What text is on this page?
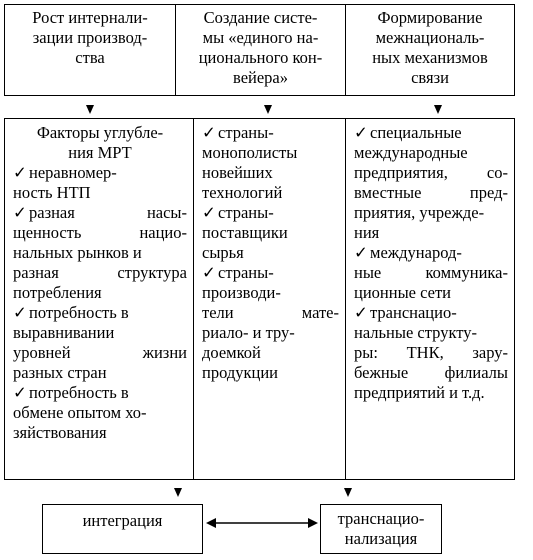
Рост интернали-
зации производ-
ства
Создание систе-
мы «единого на-
ционального кон-
вейера»
Формирование
межнациональ-
ных механизмов
связи
Факторы углубле-
ния МРТ
✓ неравномер-
ность НТП
✓ разная	насы-
щенность	нацио-
нальных рынков и
разная	структура
потребления
✓ потребность в
выравнивании
уровней	жизни
разных стран
✓ потребность в
обмене опытом хо-
зяйствования
✓ страны-
монополисты
новейших
технологий
✓ страны-
поставщики
сырья
✓ страны-
производи-
тели	мате-
риало- и тру-
доемкой
продукции
✓ специальные
международные
предприятия, со-
вместные	пред-
приятия, учрежде-
ния
✓ международ-
ные	коммуника-
ционные сети
✓ транснацио-
нальные структу-
ры: ТНК, зару-
бежные филиалы
предприятий и т.д.
интеграция	транснацио-
нализация
